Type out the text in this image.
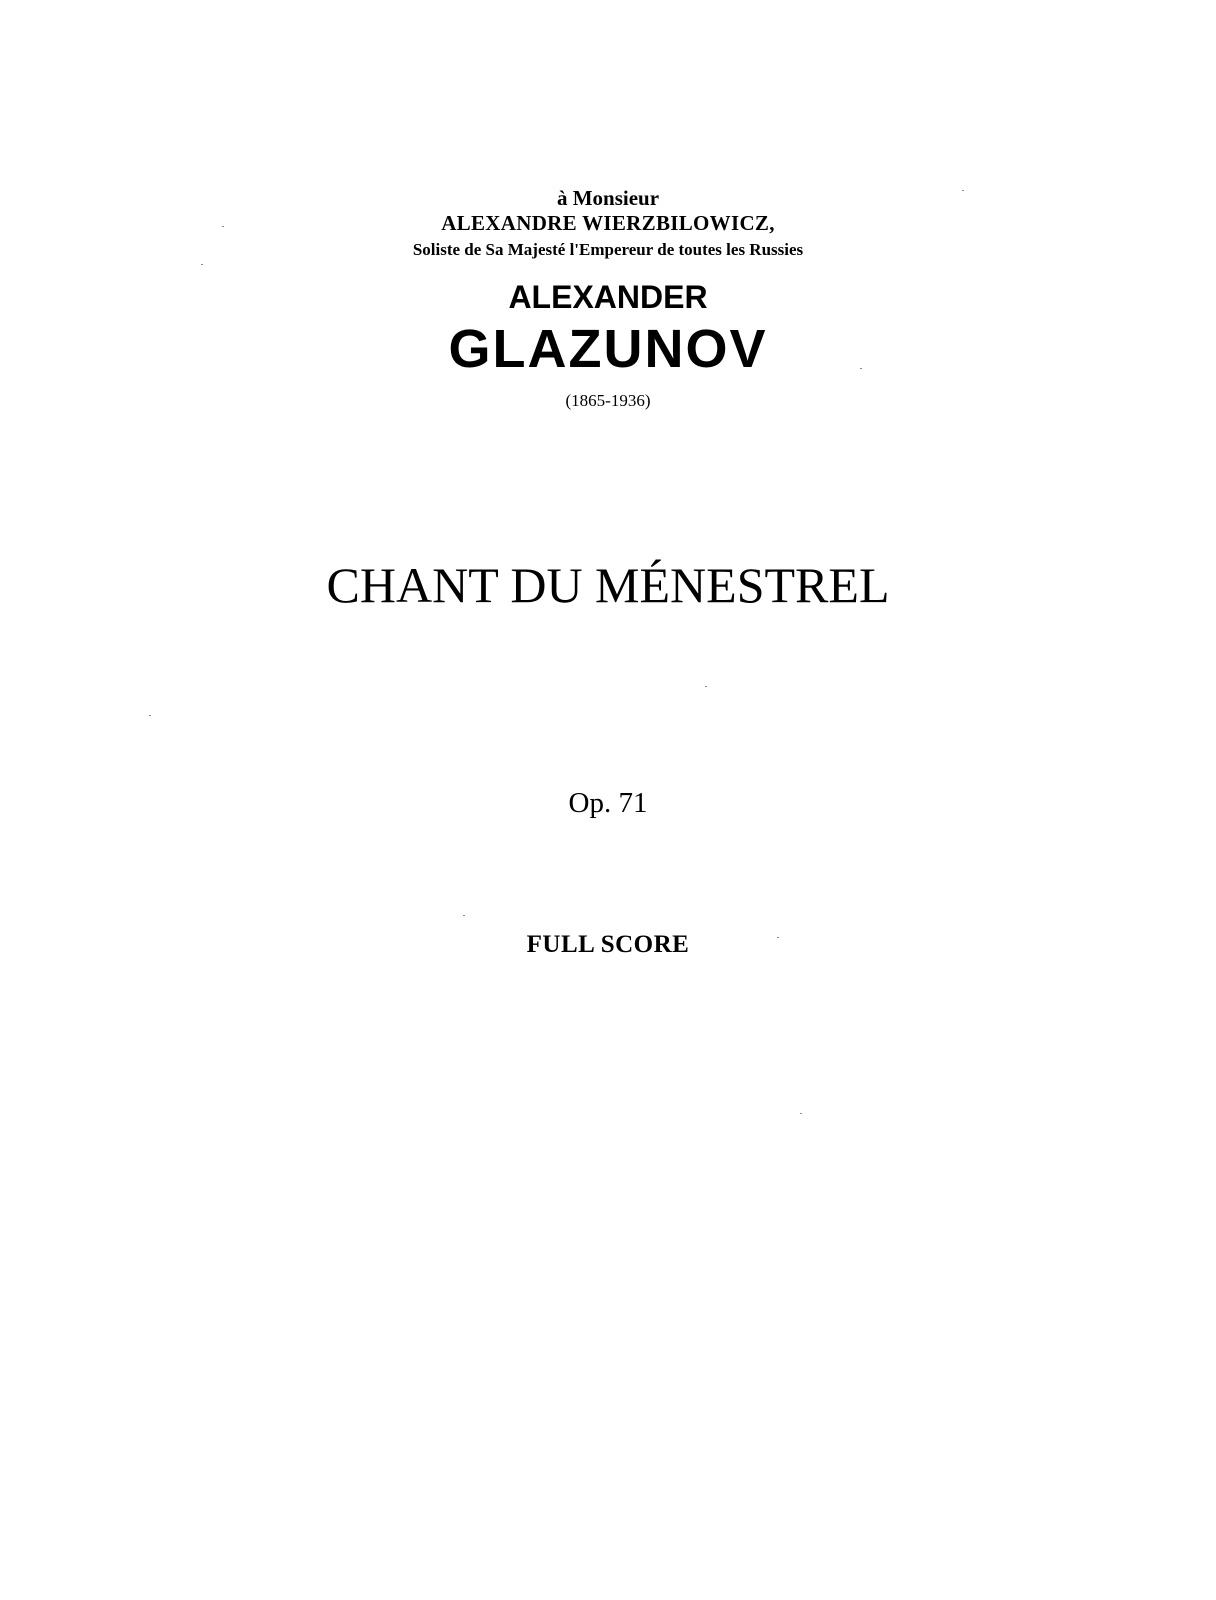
à Monsieur
ALEXANDRE WIERZBILOWICZ,
Soliste de Sa Majesté l'Empereur de toutes les Russies
ALEXANDER
GLAZUNOV
(1865-1936)
CHANT DU MÉNESTREL
Op. 71
FULL SCORE
